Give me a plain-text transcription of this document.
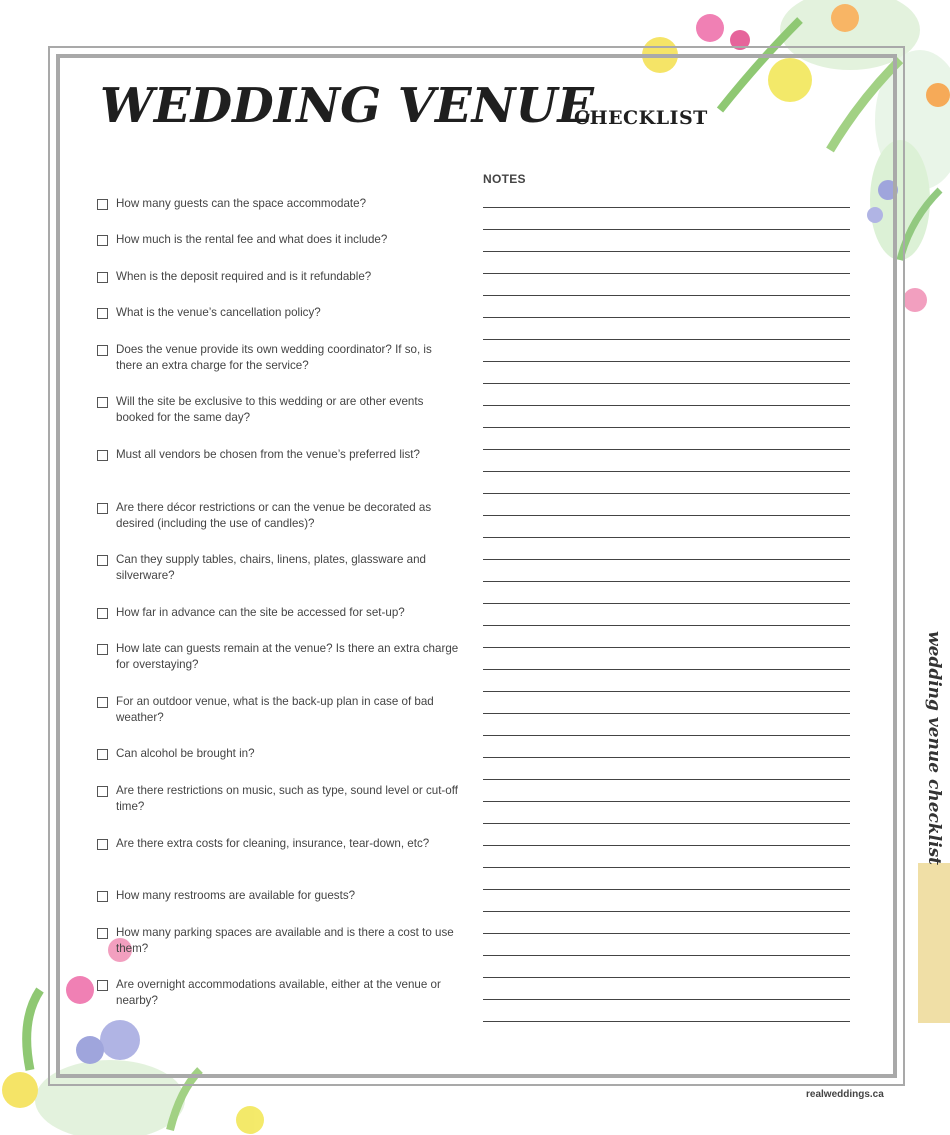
WEDDING VENUE
CHECKLIST
NOTES
How many guests can the space accommodate?
How much is the rental fee and what does it include?
When is the deposit required and is it refundable?
What is the venue’s cancellation policy?
Does the venue provide its own wedding coordinator? If so, is there an extra charge for the service?
Will the site be exclusive to this wedding or are other events booked for the same day?
Must all vendors be chosen from the venue’s preferred list?
Are there décor restrictions or can the venue be decorated as desired (including the use of candles)?
Can they supply tables, chairs, linens, plates, glassware and silverware?
How far in advance can the site be accessed for set-up?
How late can guests remain at the venue? Is there an extra charge for overstaying?
For an outdoor venue, what is the back-up plan in case of bad weather?
Can alcohol be brought in?
Are there restrictions on music, such as type, sound level or cut-off time?
Are there extra costs for cleaning, insurance, tear-down, etc?
How many restrooms are available for guests?
How many parking spaces are available and is there a cost to use them?
Are overnight accommodations available, either at the venue or nearby?
wedding venue checklist
realweddings.ca
